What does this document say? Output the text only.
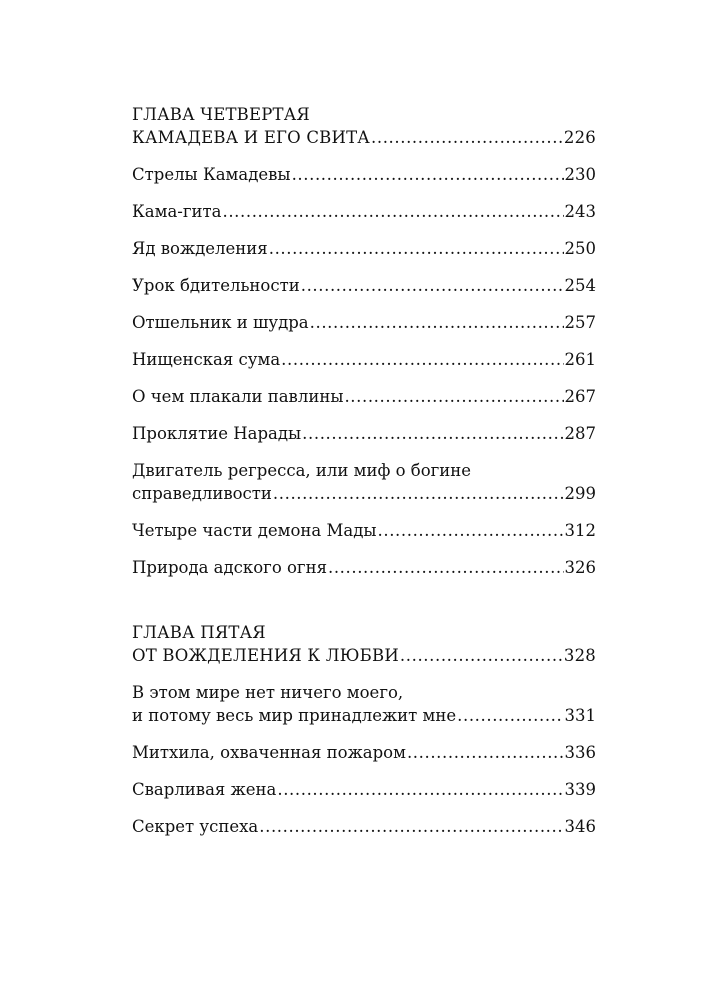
ГЛАВА ЧЕТВЕРТАЯ
КАМАДЕВА И ЕГО СВИТА .....	226
Стрелы Камадевы .....	230
Кама-гита .....	243
Яд вожделения .....	250
Урок бдительности .....	254
Отшельник и шудра .....	257
Нищенская сума .....	261
О чем плакали павлины .....	267
Проклятие Нарады .....	287
Двигатель регресса, или миф о богине
справедливости .....	299
Четыре части демона Мады .....	312
Природа адского огня .....	326
ГЛАВА ПЯТАЯ
ОТ ВОЖДЕЛЕНИЯ К ЛЮБВИ .....	328
В этом мире нет ничего моего,
и потому весь мир принадлежит мне .....	331
Митхила, охваченная пожаром .....	336
Сварливая жена .....	339
Секрет успеха .....	346
